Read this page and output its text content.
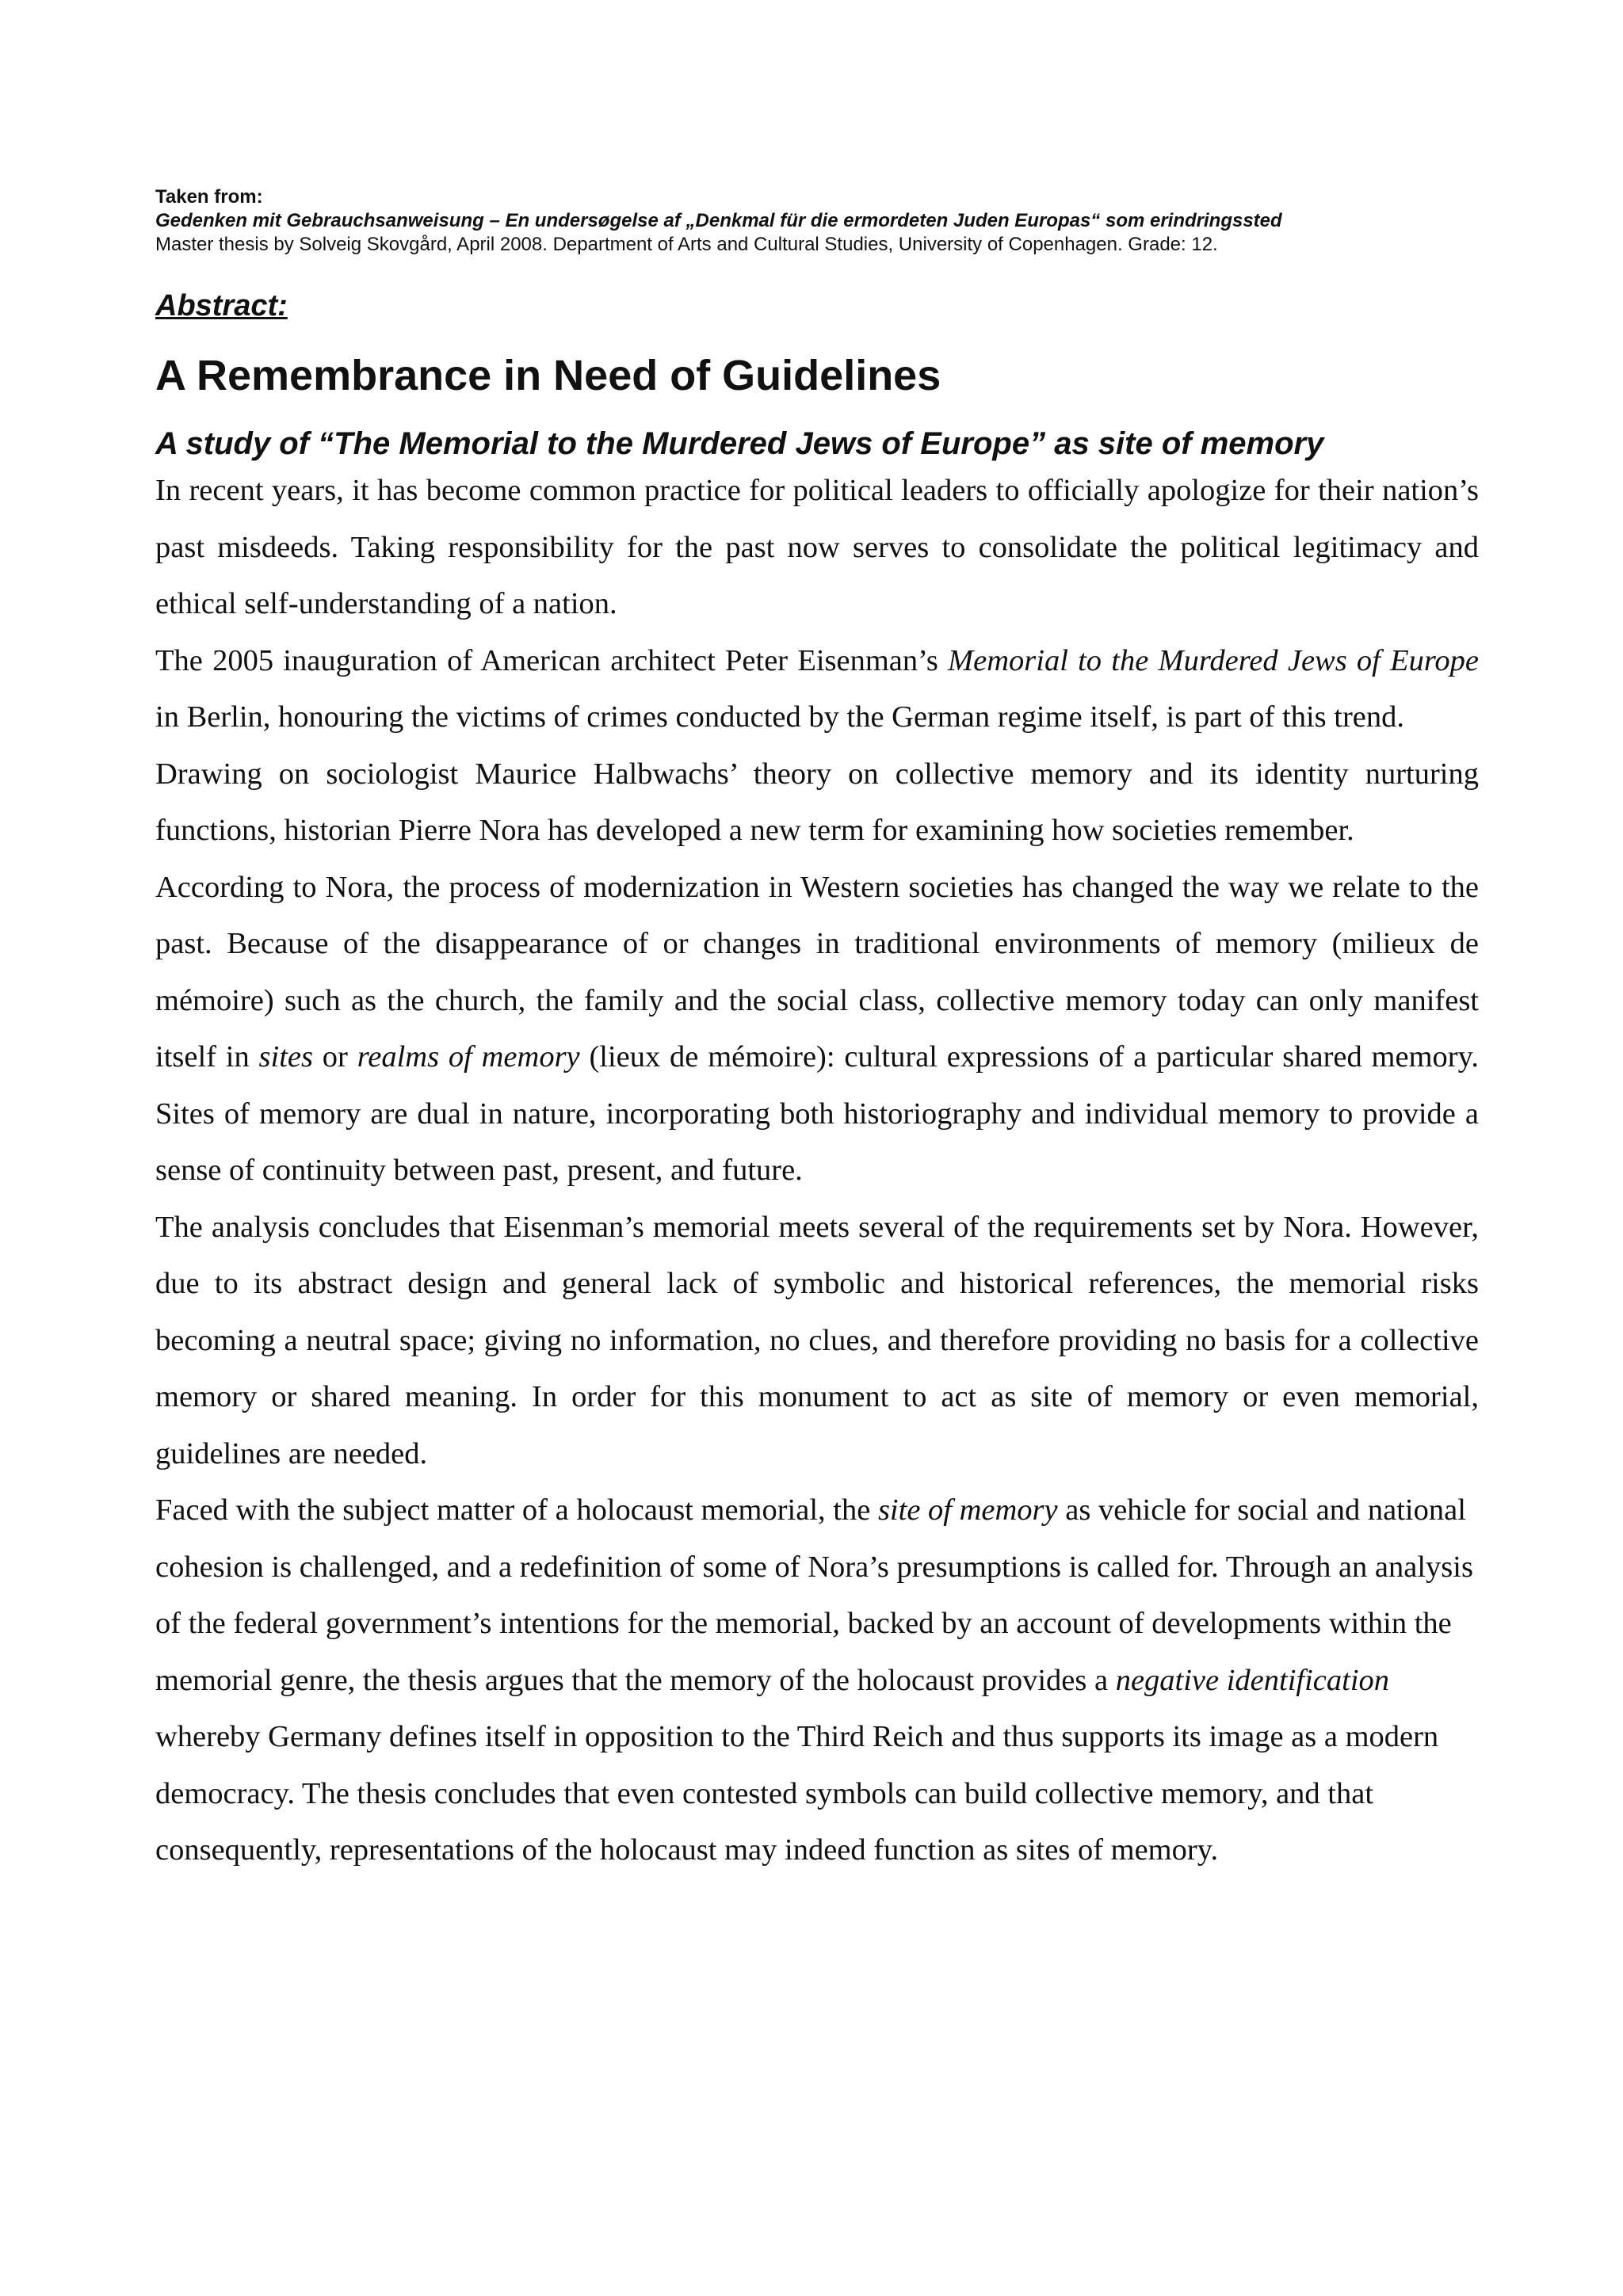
Taken from:

Gedenken mit Gebrauchsanweisung – En undersøgelse af „Denkmal für die ermordeten Juden Europas“ som erindringssted

Master thesis by Solveig Skovgård, April 2008. Department of Arts and Cultural Studies, University of Copenhagen. Grade: 12.

Abstract:
A Remembrance in Need of Guidelines
A study of “The Memorial to the Murdered Jews of Europe” as site of memory

In recent years, it has become common practice for political leaders to officially apologize for their nation’s past misdeeds. Taking responsibility for the past now serves to consolidate the political legitimacy and ethical self-understanding of a nation.

The 2005 inauguration of American architect Peter Eisenman’s Memorial to the Murdered Jews of Europe in Berlin, honouring the victims of crimes conducted by the German regime itself, is part of this trend.

Drawing on sociologist Maurice Halbwachs’ theory on collective memory and its identity nurturing functions, historian Pierre Nora has developed a new term for examining how societies remember.

According to Nora, the process of modernization in Western societies has changed the way we relate to the past. Because of the disappearance of or changes in traditional environments of memory (milieux de mémoire) such as the church, the family and the social class, collective memory today can only manifest itself in sites or realms of memory (lieux de mémoire): cultural expressions of a particular shared memory. Sites of memory are dual in nature, incorporating both historiography and individual memory to provide a sense of continuity between past, present, and future.

The analysis concludes that Eisenman’s memorial meets several of the requirements set by Nora. However, due to its abstract design and general lack of symbolic and historical references, the memorial risks becoming a neutral space; giving no information, no clues, and therefore providing no basis for a collective memory or shared meaning. In order for this monument to act as site of memory or even memorial, guidelines are needed.

Faced with the subject matter of a holocaust memorial, the site of memory as vehicle for social and national cohesion is challenged, and a redefinition of some of Nora’s presumptions is called for. Through an analysis of the federal government’s intentions for the memorial, backed by an account of developments within the memorial genre, the thesis argues that the memory of the holocaust provides a negative identification whereby Germany defines itself in opposition to the Third Reich and thus supports its image as a modern democracy. The thesis concludes that even contested symbols can build collective memory, and that consequently, representations of the holocaust may indeed function as sites of memory.
